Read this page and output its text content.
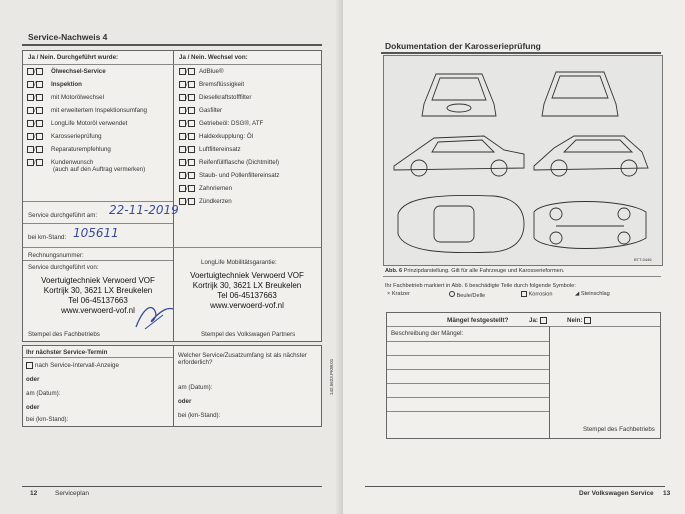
Service-Nachweis 4
Ja / Nein. Durchgeführt wurde:	Ja / Nein. Wechsel von:
/	Ölwechsel-Service
/	Inspektion
/	mit Motorölwechsel
/	mit erweitertem Inspektionsumfang
/	LongLife Motoröl verwendet
/	Karosserieprüfung
/	Reparaturempfehlung
/	Kundenwunsch
(auch auf den Auftrag vermerken)
/	AdBlue®
/	Bremsflüssigkeit
/	Dieselkraftstofffilter
/	Gasfilter
/	Getriebeöl: DSG®, ATF
/	Haldexkupplung: Öl
/	Luftfiltereinsatz
/	Reifenfüllflasche (Dichtmittel)
/	Staub- und Pollenfiltereinsatz
/	Zahnriemen
/	Zündkerzen
Service durchgeführt am: 22-11-2019
bei km-Stand: 105611
Rechnungsnummer:
LongLife Mobilitätsgarantie:
Service durchgeführt von:
Voertuigtechniek Verwoerd VOF
Kortrijk 30, 3621 LX Breukelen
Tel 06-45137663
www.verwoerd-vof.nl
Voertuigtechniek Verwoerd VOF
Kortrijk 30, 3621 LX Breukelen
Tel 06-45137663
www.verwoerd-vof.nl
Stempel des Fachbetriebs	Stempel des Volkswagen Partners
Ihr nächster Service-Termin
nach Service-Intervall-Anzeige
oder
am (Datum):
oder
bei (km-Stand):
Welcher Service/Zusatzumfang ist als nächster erforderlich?
am (Datum):
oder
bei (km-Stand):
142.5623.PKW.01
12	Serviceplan
Dokumentation der Karosserieprüfung
BTT-0446
Abb. 6 Prinzipdarstellung. Gilt für alle Fahrzeuge und Karosserieformen.
Ihr Fachbetrieb markiert in Abb. 6 beschädigte Teile durch folgende Symbole:
× Kratzer	Beule/Delle	Korrosion	◢ Steinschlag
Mängel festgestellt?	Ja:	Nein:
Beschreibung der Mängel:
Stempel des Fachbetriebs
Der Volkswagen Service 13
